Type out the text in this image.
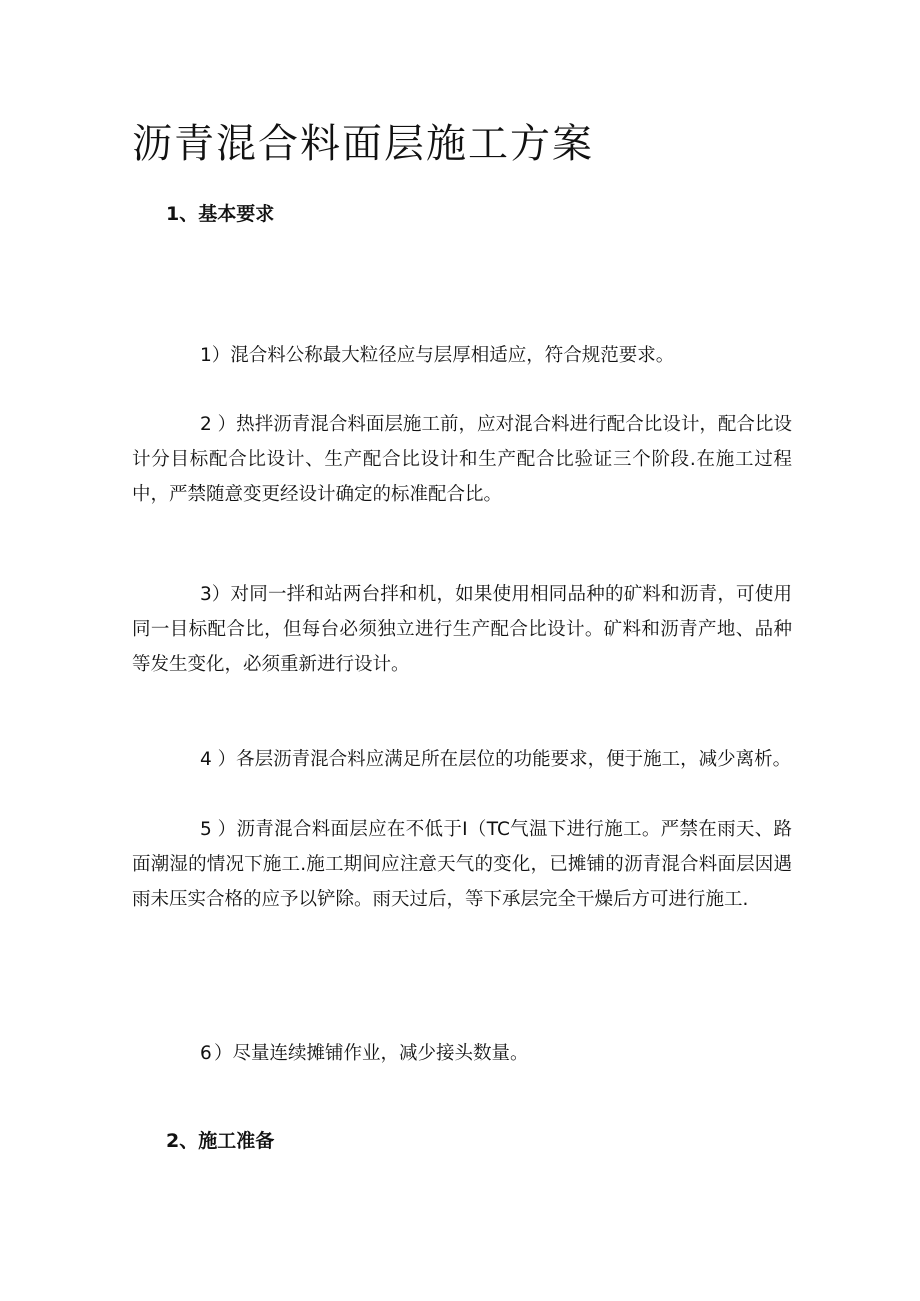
沥青混合料面层施工方案
1、基本要求

1）混合料公称最大粒径应与层厚相适应，符合规范要求。

2 ）热拌沥青混合料面层施工前，应对混合料进行配合比设计，配合比设计分目标配合比设计、生产配合比设计和生产配合比验证三个阶段.在施工过程中，严禁随意变更经设计确定的标准配合比。

3）对同一拌和站两台拌和机，如果使用相同品种的矿料和沥青，可使用同一目标配合比，但每台必须独立进行生产配合比设计。矿料和沥青产地、品种等发生变化，必须重新进行设计。

4 ）各层沥青混合料应满足所在层位的功能要求，便于施工，减少离析。

5 ）沥青混合料面层应在不低于I（TC气温下进行施工。严禁在雨天、路面潮湿的情况下施工.施工期间应注意天气的变化，已摊铺的沥青混合料面层因遇雨未压实合格的应予以铲除。雨天过后，等下承层完全干燥后方可进行施工.

6 ）尽量连续摊铺作业，减少接头数量。

2、施工准备
